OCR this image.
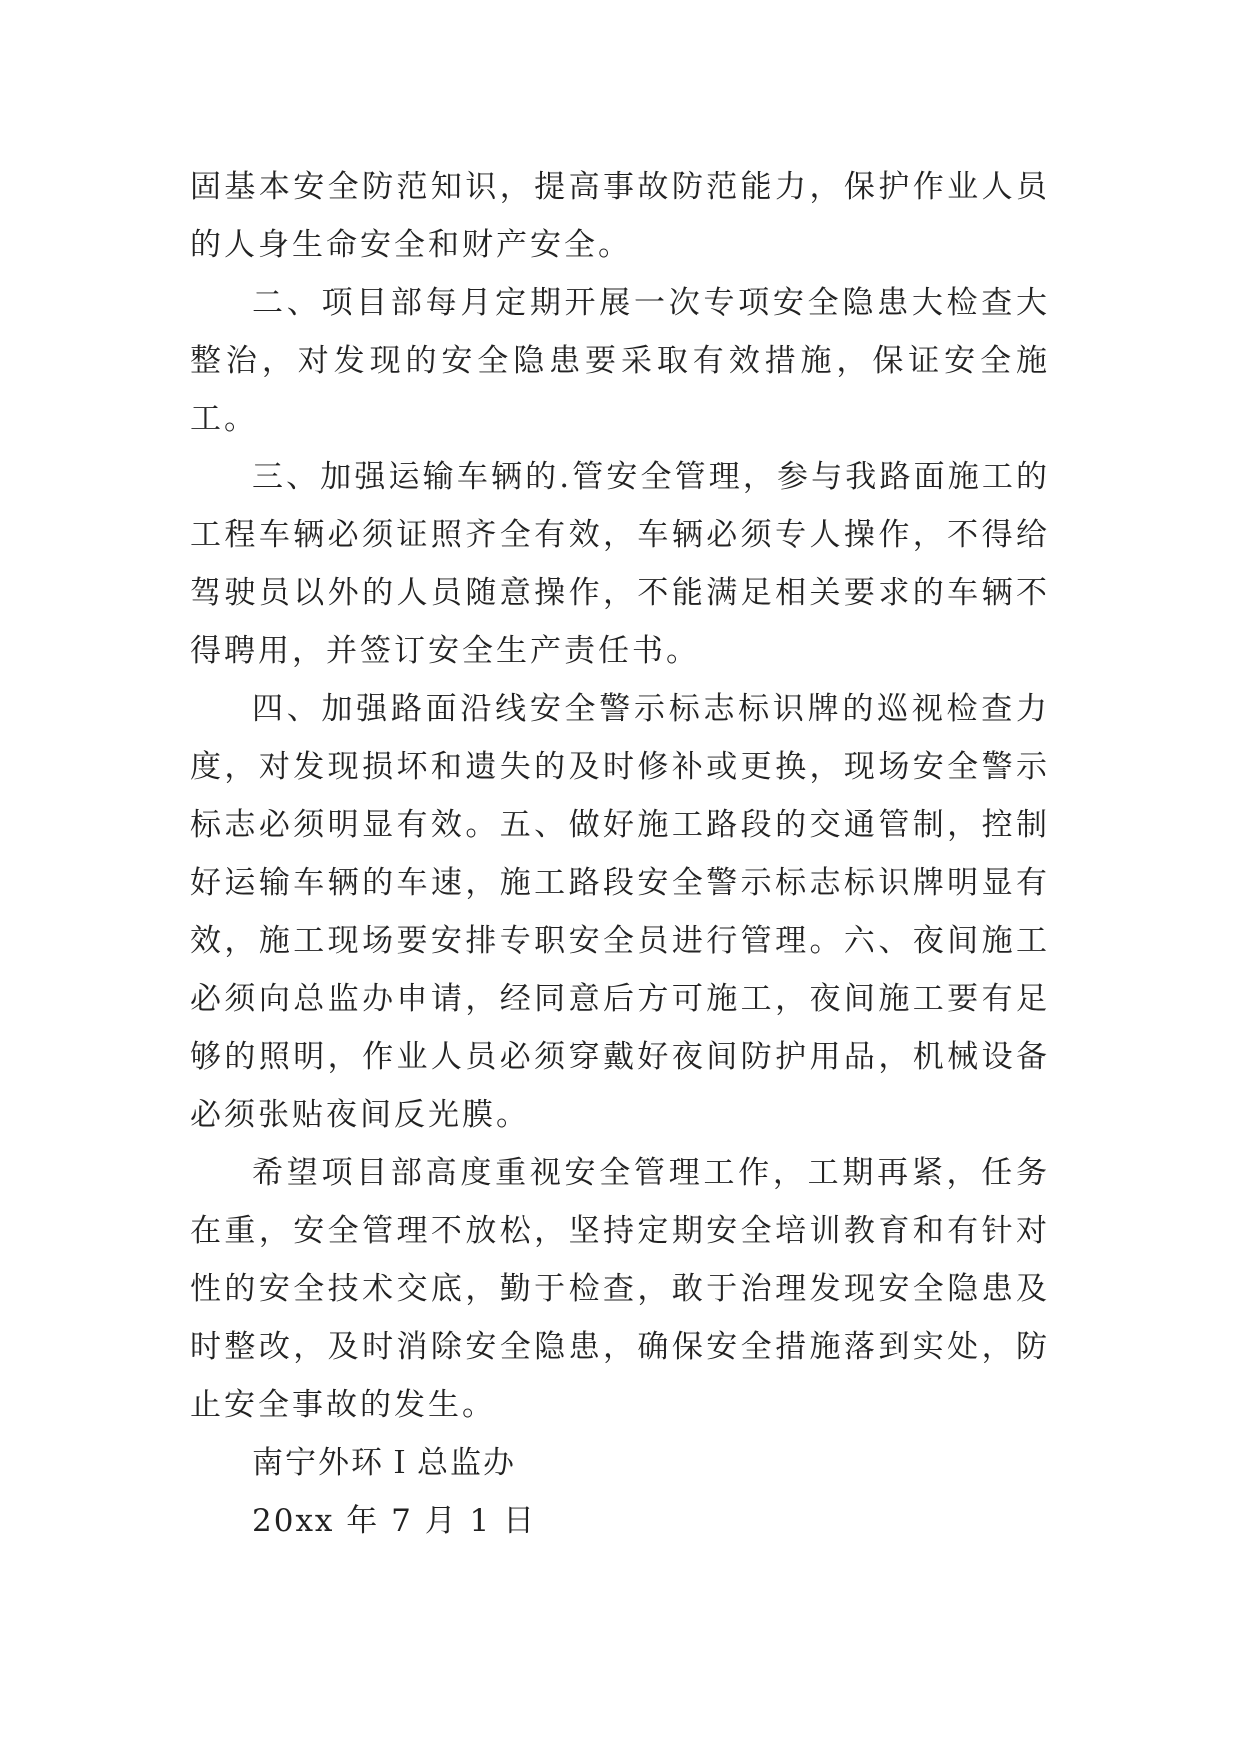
固基本安全防范知识，提高事故防范能力，保护作业人员的人身生命安全和财产安全。

二、项目部每月定期开展一次专项安全隐患大检查大整治，对发现的安全隐患要采取有效措施，保证安全施工。

三、加强运输车辆的.管安全管理，参与我路面施工的工程车辆必须证照齐全有效，车辆必须专人操作，不得给驾驶员以外的人员随意操作，不能满足相关要求的车辆不得聘用，并签订安全生产责任书。

四、加强路面沿线安全警示标志标识牌的巡视检查力度，对发现损坏和遗失的及时修补或更换，现场安全警示标志必须明显有效。五、做好施工路段的交通管制，控制好运输车辆的车速，施工路段安全警示标志标识牌明显有效，施工现场要安排专职安全员进行管理。六、夜间施工必须向总监办申请，经同意后方可施工，夜间施工要有足够的照明，作业人员必须穿戴好夜间防护用品，机械设备必须张贴夜间反光膜。

希望项目部高度重视安全管理工作，工期再紧，任务在重，安全管理不放松，坚持定期安全培训教育和有针对性的安全技术交底，勤于检查，敢于治理发现安全隐患及时整改，及时消除安全隐患，确保安全措施落到实处，防止安全事故的发生。

南宁外环Ｉ总监办

20xx 年 7 月 1 日
